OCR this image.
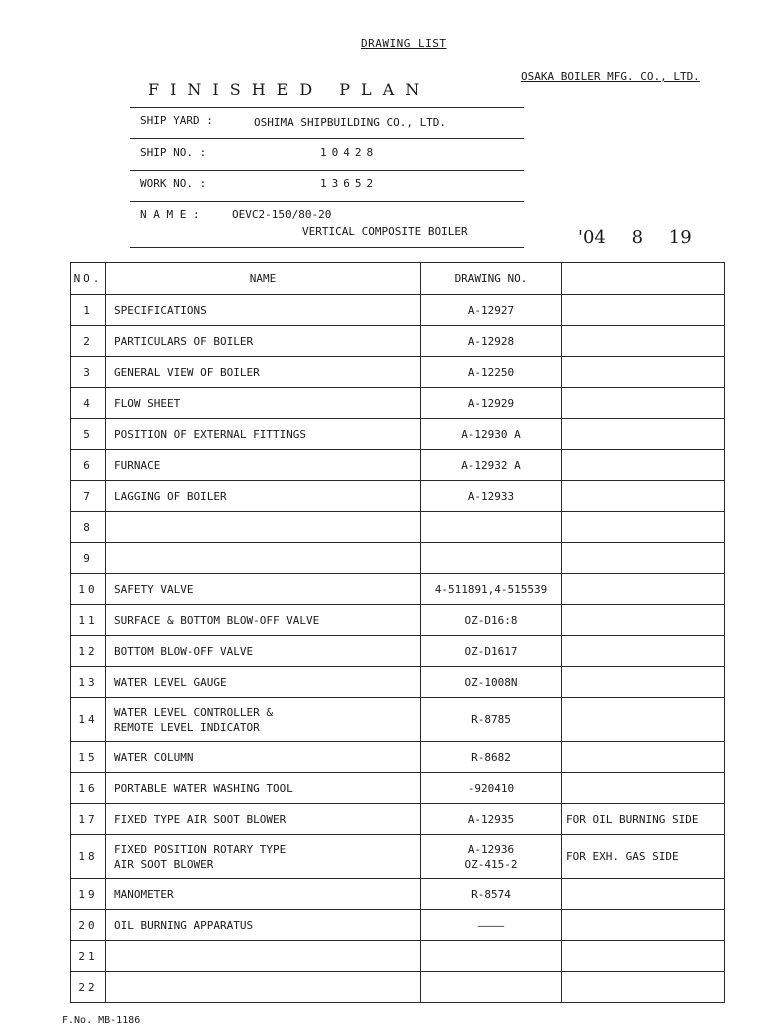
DRAWING LIST
OSAKA BOILER MFG. CO., LTD.
FINISHED PLAN
SHIP YARD :	OSHIMA SHIPBUILDING CO., LTD.
SHIP NO. :	10428
WORK NO. :	13652
N A M E :	OEVC2-150/80-20
VERTICAL COMPOSITE BOILER	'04 8 19
NO.	NAME	DRAWING NO.	
1	SPECIFICATIONS	A-12927	

2	PARTICULARS OF BOILER	A-12928	

3	GENERAL VIEW OF BOILER	A-12250	

4	FLOW SHEET	A-12929	

5	POSITION OF EXTERNAL FITTINGS	A-12930 A	

6	FURNACE	A-12932 A	

7	LAGGING OF BOILER	A-12933	

8	

9	

10	SAFETY VALVE	4-511891,4-515539	

11	SURFACE & BOTTOM BLOW-OFF VALVE	OZ-D16:8	

12	BOTTOM BLOW-OFF VALVE	OZ-D1617	

13	WATER LEVEL GAUGE	OZ-1008N	

14	WATER LEVEL CONTROLLER &
REMOTE LEVEL INDICATOR	R-8785	

15	WATER COLUMN	R-8682	

16	PORTABLE WATER WASHING TOOL	-920410	

17	FIXED TYPE AIR SOOT BLOWER	A-12935	FOR OIL BURNING SIDE
18	FIXED POSITION ROTARY TYPE
AIR SOOT BLOWER	A-12936
OZ-415-2	FOR EXH. GAS SIDE
19	MANOMETER	R-8574	

20	OIL BURNING APPARATUS	————	

21	

22	

F.No. MB-1186
